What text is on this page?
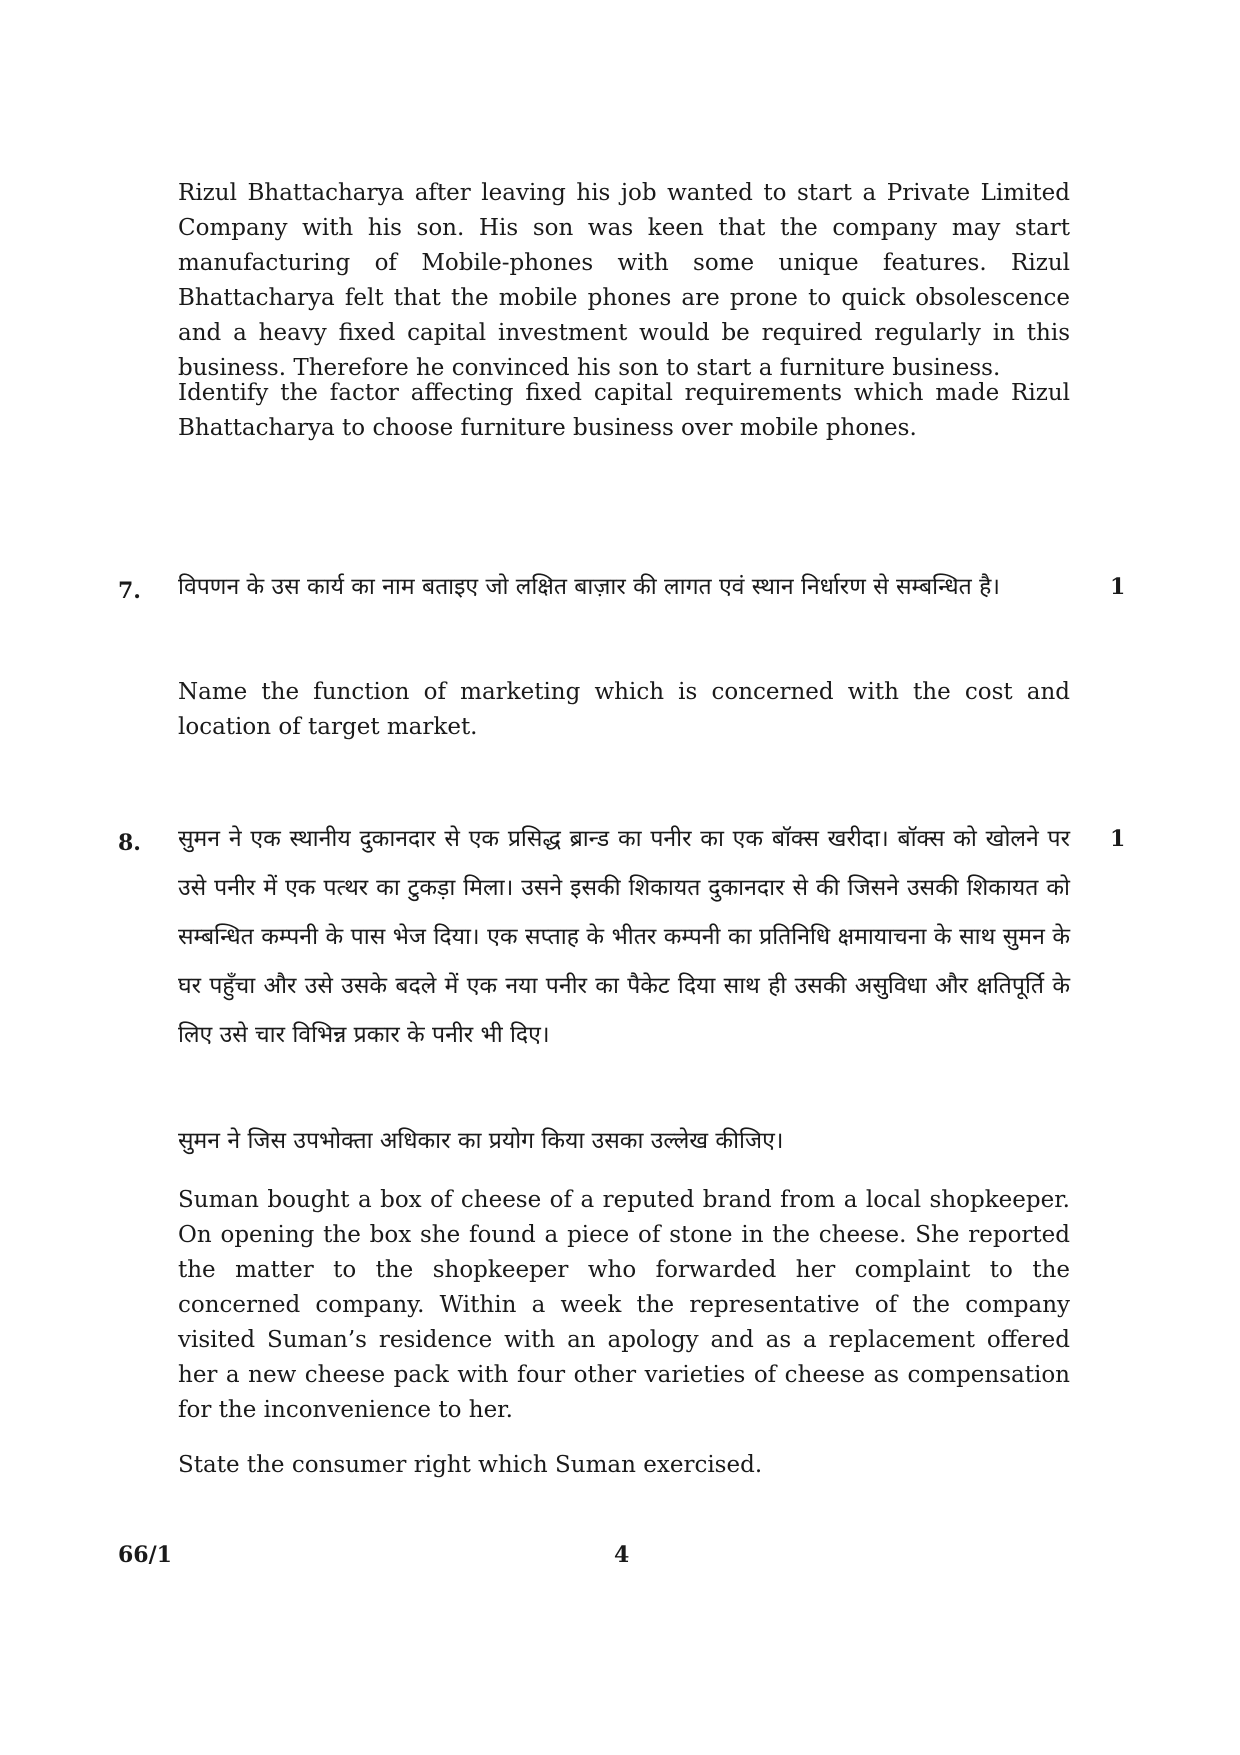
Rizul Bhattacharya after leaving his job wanted to start a Private Limited Company with his son. His son was keen that the company may start manufacturing of Mobile-phones with some unique features. Rizul Bhattacharya felt that the mobile phones are prone to quick obsolescence and a heavy fixed capital investment would be required regularly in this business. Therefore he convinced his son to start a furniture business.

Identify the factor affecting fixed capital requirements which made Rizul Bhattacharya to choose furniture business over mobile phones.

7.	1

विपणन के उस कार्य का नाम बताइए जो लक्षित बाज़ार की लागत एवं स्थान निर्धारण से सम्बन्धित है।

Name the function of marketing which is concerned with the cost and location of target market.

8.	1

सुमन ने एक स्थानीय दुकानदार से एक प्रसिद्ध ब्रान्ड का पनीर का एक बॉक्स खरीदा। बॉक्स को खोलने पर उसे पनीर में एक पत्थर का टुकड़ा मिला। उसने इसकी शिकायत दुकानदार से की जिसने उसकी शिकायत को सम्बन्धित कम्पनी के पास भेज दिया। एक सप्ताह के भीतर कम्पनी का प्रतिनिधि क्षमायाचना के साथ सुमन के घर पहुँचा और उसे उसके बदले में एक नया पनीर का पैकेट दिया साथ ही उसकी असुविधा और क्षतिपूर्ति के लिए उसे चार विभिन्न प्रकार के पनीर भी दिए।

सुमन ने जिस उपभोक्ता अधिकार का प्रयोग किया उसका उल्लेख कीजिए।

Suman bought a box of cheese of a reputed brand from a local shopkeeper. On opening the box she found a piece of stone in the cheese. She reported the matter to the shopkeeper who forwarded her complaint to the concerned company. Within a week the representative of the company visited Suman’s residence with an apology and as a replacement offered her a new cheese pack with four other varieties of cheese as compensation for the inconvenience to her.

State the consumer right which Suman exercised.

66/1	4
